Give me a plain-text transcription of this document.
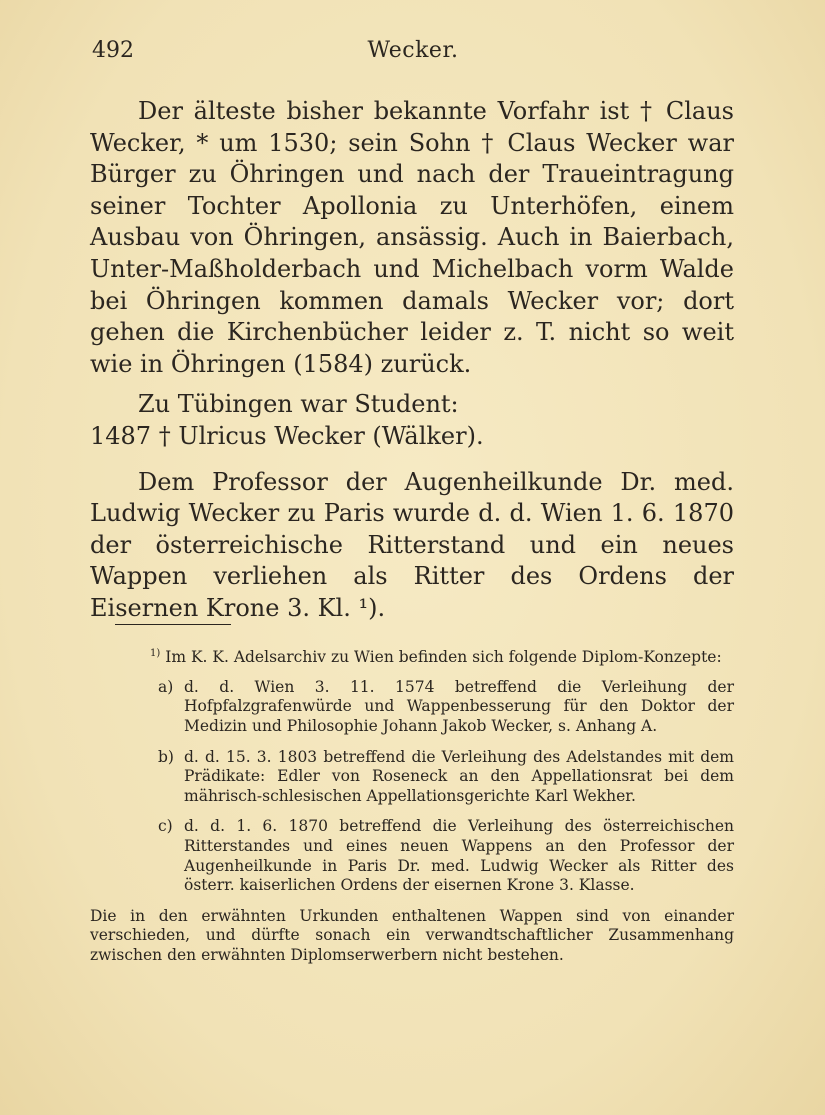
492	Wecker.

Der älteste bisher bekannte Vorfahr ist † Claus Wecker, * um 1530; sein Sohn † Claus Wecker war Bürger zu Öhringen und nach der Traueintragung seiner Tochter Apollonia zu Unterhöfen, einem Ausbau von Öhringen, ansässig. Auch in Baierbach, Unter-Maßholderbach und Michelbach vorm Walde bei Öhringen kommen damals Wecker vor; dort gehen die Kirchenbücher leider z. T. nicht so weit wie in Öhringen (1584) zurück.

Zu Tübingen war Student:

1487 † Ulricus Wecker (Wälker).

Dem Professor der Augenheilkunde Dr. med. Ludwig Wecker zu Paris wurde d. d. Wien 1. 6. 1870 der österreichische Ritterstand und ein neues Wappen verliehen als Ritter des Ordens der Eisernen Krone 3. Kl. ¹).

$^{1)}$ Im K. K. Adelsarchiv zu Wien befinden sich folgende Diplom-Konzepte:

a) d. d. Wien 3. 11. 1574 betreffend die Verleihung der Hofpfalzgrafenwürde und Wappenbesserung für den Doktor der Medizin und Philosophie Johann Jakob Wecker, s. Anhang A.

b) d. d. 15. 3. 1803 betreffend die Verleihung des Adelstandes mit dem Prädikate: Edler von Roseneck an den Appellationsrat bei dem mährisch-schlesischen Appellationsgerichte Karl Wekher.

c) d. d. 1. 6. 1870 betreffend die Verleihung des österreichischen Ritterstandes und eines neuen Wappens an den Professor der Augenheilkunde in Paris Dr. med. Ludwig Wecker als Ritter des österr. kaiserlichen Ordens der eisernen Krone 3. Klasse.

Die in den erwähnten Urkunden enthaltenen Wappen sind von einander verschieden, und dürfte sonach ein verwandtschaftlicher Zusammenhang zwischen den erwähnten Diplomserwerbern nicht bestehen.
